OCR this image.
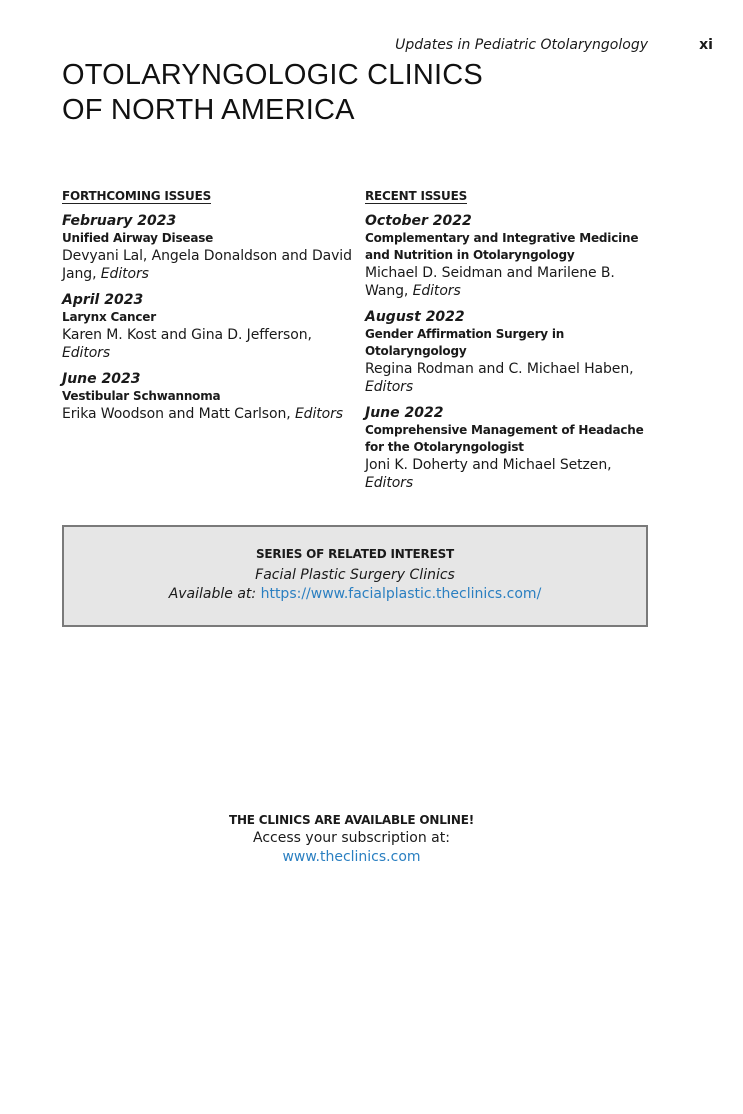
Updates in Pediatric Otolaryngology	xi
OTOLARYNGOLOGIC CLINICS
OF NORTH AMERICA
FORTHCOMING ISSUES
February 2023
Unified Airway Disease
Devyani Lal, Angela Donaldson and David
Jang, Editors
April 2023
Larynx Cancer
Karen M. Kost and Gina D. Jefferson,
Editors
June 2023
Vestibular Schwannoma
Erika Woodson and Matt Carlson, Editors
RECENT ISSUES
October 2022
Complementary and Integrative Medicine
and Nutrition in Otolaryngology
Michael D. Seidman and Marilene B.
Wang, Editors
August 2022
Gender Affirmation Surgery in
Otolaryngology
Regina Rodman and C. Michael Haben,
Editors
June 2022
Comprehensive Management of Headache
for the Otolaryngologist
Joni K. Doherty and Michael Setzen,
Editors
SERIES OF RELATED INTEREST
Facial Plastic Surgery Clinics
Available at: https://www.facialplastic.theclinics.com/
THE CLINICS ARE AVAILABLE ONLINE!
Access your subscription at:
www.theclinics.com
